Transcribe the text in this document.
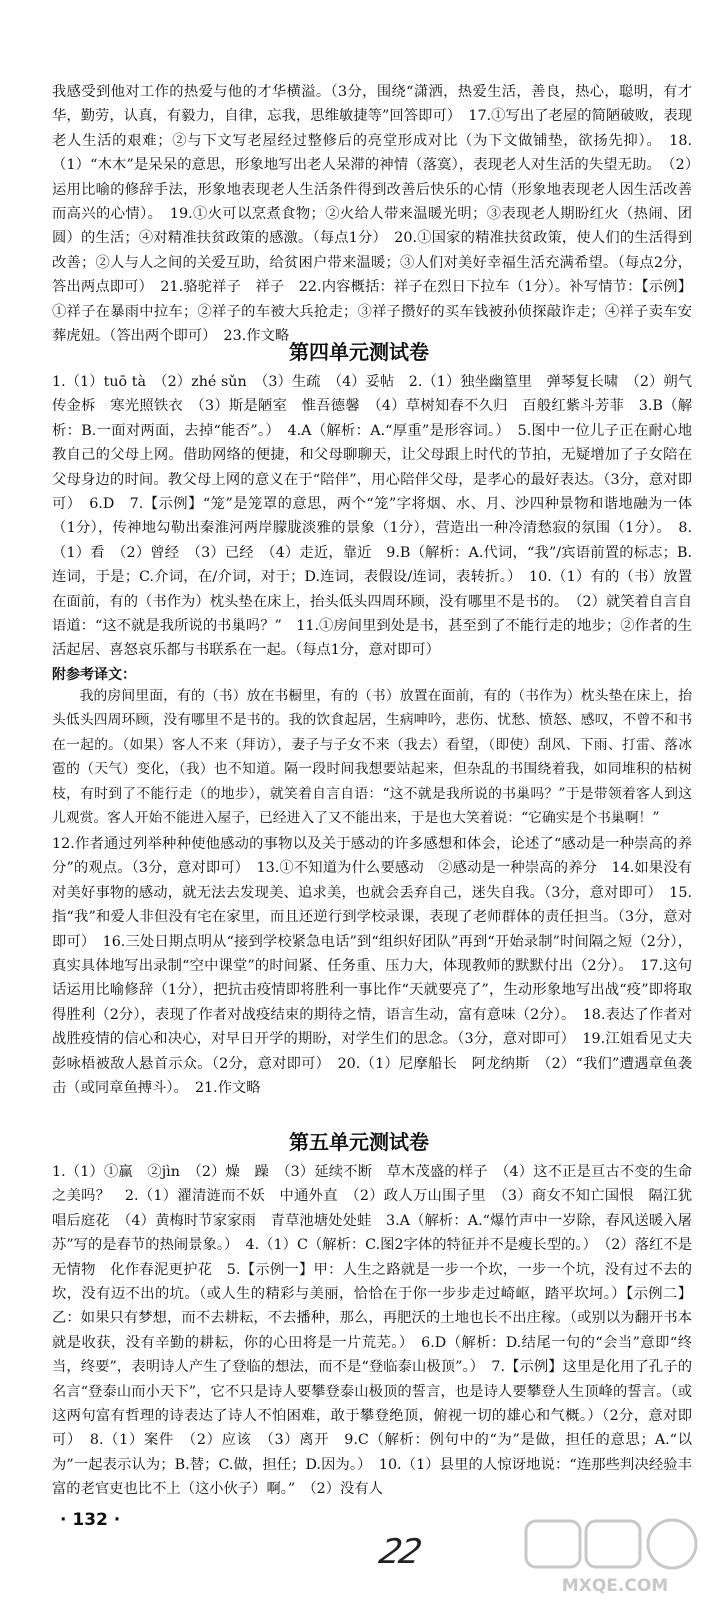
我感受到他对工作的热爱与他的才华横溢。（3分，围绕“潇洒，热爱生活，善良，热心，聪明，有才华，勤劳，认真，有毅力，自律，忘我，思维敏捷等”回答即可）　17.①写出了老屋的简陋破败，表现老人生活的艰难；②与下文写老屋经过整修后的亮堂形成对比（为下文做铺垫，欲扬先抑）。　18.（1）“木木”是呆呆的意思，形象地写出老人呆滞的神情（落寞），表现老人对生活的失望无助。　（2）运用比喻的修辞手法，形象地表现老人生活条件得到改善后快乐的心情（形象地表现老人因生活改善而高兴的心情）。　19.①火可以烹煮食物；②火给人带来温暖光明；③表现老人期盼红火（热闹、团圆）的生活；④对精准扶贫政策的感激。（每点1分）　20.①国家的精准扶贫政策，使人们的生活得到改善；②人与人之间的关爱互助，给贫困户带来温暖；③人们对美好幸福生活充满希望。（每点2分，答出两点即可）　21.骆驼祥子　祥子　22.内容概括：祥子在烈日下拉车（1分）。补写情节：【示例】①祥子在暴雨中拉车；②祥子的车被大兵抢走；③祥子攒好的买车钱被孙侦探敲诈走；④祥子卖车安葬虎妞。（答出两个即可）　23.作文略

第四单元测试卷

1.（1）tuō tà　（2）zhé sǔn　（3）生疏　（4）妥帖　2.（1）独坐幽篁里　弹琴复长啸　（2）朔气传金柝　寒光照铁衣　（3）斯是陋室　惟吾德馨　（4）草树知春不久归　百般红紫斗芳菲　3.B（解析：B.一面对两面，去掉“能否”。）　4.A（解析：A.“厚重”是形容词。）　5.图中一位儿子正在耐心地教自己的父母上网。借助网络的便捷，和父母聊聊天，让父母跟上时代的节拍，无疑增加了子女陪在父母身边的时间。教父母上网的意义在于“陪伴”，用心陪伴父母，是孝心的最好表达。（3分，意对即可）　6.D　7.【示例】“笼”是笼罩的意思，两个“笼”字将烟、水、月、沙四种景物和谐地融为一体（1分），传神地勾勒出秦淮河两岸朦胧淡雅的景象（1分），营造出一种冷清愁寂的氛围（1分）。　8.（1）看　（2）曾经　（3）已经　（4）走近，靠近　9.B（解析：A.代词，“我”/宾语前置的标志；B.连词，于是；C.介词，在/介词，对于；D.连词，表假设/连词，表转折。）　10.（1）有的（书）放置在面前，有的（书作为）枕头垫在床上，抬头低头四周环顾，没有哪里不是书的。　（2）就笑着自言自语道：“这不就是我所说的书巢吗？”　11.①房间里到处是书，甚至到了不能行走的地步；②作者的生活起居、喜怒哀乐都与书联系在一起。（每点1分，意对即可）

附参考译文：

我的房间里面，有的（书）放在书橱里，有的（书）放置在面前，有的（书作为）枕头垫在床上，抬头低头四周环顾，没有哪里不是书的。我的饮食起居，生病呻吟，悲伤、忧愁、愤怒、感叹，不曾不和书在一起的。（如果）客人不来（拜访），妻子与子女不来（我去）看望，（即使）刮风、下雨、打雷、落冰雹的（天气）变化，（我）也不知道。隔一段时间我想要站起来，但杂乱的书围绕着我，如同堆积的枯树枝，有时到了不能行走（的地步），就笑着自言自语：“这不就是我所说的书巢吗？”于是带领着客人到这儿观赏。客人开始不能进入屋子，已经进入了又不能出来，于是也大笑着说：“它确实是个书巢啊！”

12.作者通过列举种种使他感动的事物以及关于感动的许多感想和体会，论述了“感动是一种崇高的养分”的观点。（3分，意对即可）　13.①不知道为什么要感动　②感动是一种崇高的养分　14.如果没有对美好事物的感动，就无法去发现美、追求美，也就会丢弃自己，迷失自我。（3分，意对即可）　15.指“我”和爱人非但没有宅在家里，而且还逆行到学校录课，表现了老师群体的责任担当。（3分，意对即可）　16.三处日期点明从“接到学校紧急电话”到“组织好团队”再到“开始录制”时间隔之短（2分），真实具体地写出录制“空中课堂”的时间紧、任务重、压力大，体现教师的默默付出（2分）。　17.这句话运用比喻修辞（1分），把抗击疫情即将胜利一事比作“天就要亮了”，生动形象地写出战“疫”即将取得胜利（2分），表现了作者对战疫结束的期待之情，语言生动，富有意味（2分）。　18.表达了作者对战胜疫情的信心和决心，对早日开学的期盼，对学生们的思念。（3分，意对即可）　19.江姐看见丈夫彭咏梧被敌人悬首示众。（2分，意对即可）　20.（1）尼摩船长　阿龙纳斯　（2）“我们”遭遇章鱼袭击（或同章鱼搏斗）。　21.作文略

第五单元测试卷

1.（1）①赢　②jìn　（2）燥　躁　（3）延续不断　草木茂盛的样子　（4）这不正是亘古不变的生命之美吗？　2.（1）濯清涟而不妖　中通外直　（2）政人万山围子里　（3）商女不知亡国恨　隔江犹唱后庭花　（4）黄梅时节家家雨　青草池塘处处蛙　3.A（解析：A.“爆竹声中一岁除，春风送暖入屠苏”写的是春节的热闹景象。）　4.（1）C（解析：C.图2字体的特征并不是瘦长型的。）　（2）落红不是无情物　化作春泥更护花　5.【示例一】甲：人生之路就是一步一个坎，一步一个坑，没有过不去的坎，没有迈不出的坑。（或人生的精彩与美丽，恰恰在于你一步步走过崎岖，踏平坎坷。）【示例二】乙：如果只有梦想，而不去耕耘，不去播种，那么，再肥沃的土地也长不出庄稼。（或别以为翻开书本就是收获，没有辛勤的耕耘，你的心田将是一片荒芜。）　6.D（解析：D.结尾一句的“会当”意即“终当，终要”，表明诗人产生了登临的想法，而不是“登临泰山极顶”。）　7.【示例】这里是化用了孔子的名言“登泰山而小天下”，它不只是诗人要攀登泰山极顶的誓言，也是诗人要攀登人生顶峰的誓言。（或这两句富有哲理的诗表达了诗人不怕困难，敢于攀登绝顶，俯视一切的雄心和气概。）（2分，意对即可）　8.（1）案件　（2）应该　（3）离开　9.C（解析：例句中的“为”是做，担任的意思；A.“以为”一起表示认为；B.替；C.做，担任；D.因为。）　10.（1）县里的人惊讶地说：“连那些判决经验丰富的老官吏也比不上（这小伙子）啊。”　（2）没有人

· 132 ·
22
MXQE.COM
